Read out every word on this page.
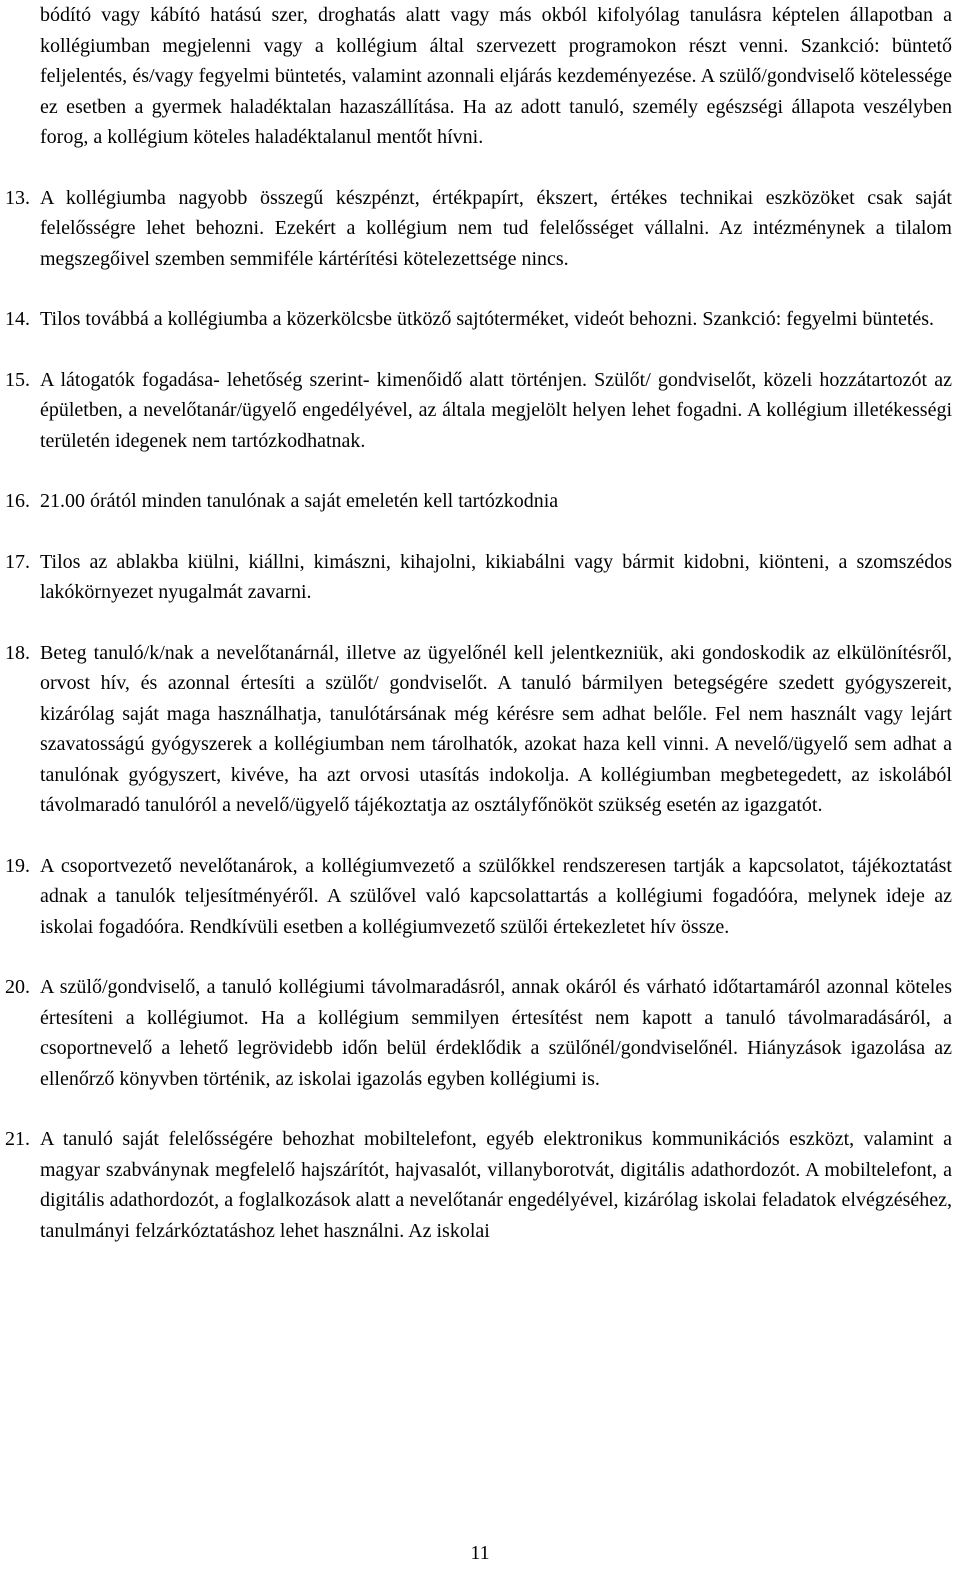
bódító vagy kábító hatású szer, droghatás alatt vagy más okból kifolyólag tanulásra képtelen állapotban a kollégiumban megjelenni vagy a kollégium által szervezett programokon részt venni. Szankció: büntető feljelentés, és/vagy fegyelmi büntetés, valamint azonnali eljárás kezdeményezése. A szülő/gondviselő kötelessége ez esetben a gyermek haladéktalan hazaszállítása. Ha az adott tanuló, személy egészségi állapota veszélyben forog, a kollégium köteles haladéktalanul mentőt hívni.

13. A kollégiumba nagyobb összegű készpénzt, értékpapírt, ékszert, értékes technikai eszközöket csak saját felelősségre lehet behozni. Ezekért a kollégium nem tud felelősséget vállalni. Az intézménynek a tilalom megszegőivel szemben semmiféle kártérítési kötelezettsége nincs.
14. Tilos továbbá a kollégiumba a közerkölcsbe ütköző sajtóterméket, videót behozni. Szankció: fegyelmi büntetés.
15. A látogatók fogadása- lehetőség szerint- kimenőidő alatt történjen. Szülőt/ gondviselőt, közeli hozzátartozót az épületben, a nevelőtanár/ügyelő engedélyével, az általa megjelölt helyen lehet fogadni. A kollégium illetékességi területén idegenek nem tartózkodhatnak.
16. 21.00 órától minden tanulónak a saját emeletén kell tartózkodnia
17. Tilos az ablakba kiülni, kiállni, kimászni, kihajolni, kikiabálni vagy bármit kidobni, kiönteni, a szomszédos lakókörnyezet nyugalmát zavarni.
18. Beteg tanuló/k/nak a nevelőtanárnál, illetve az ügyelőnél kell jelentkezniük, aki gondoskodik az elkülönítésről, orvost hív, és azonnal értesíti a szülőt/ gondviselőt. A tanuló bármilyen betegségére szedett gyógyszereit, kizárólag saját maga használhatja, tanulótársának még kérésre sem adhat belőle. Fel nem használt vagy lejárt szavatosságú gyógyszerek a kollégiumban nem tárolhatók, azokat haza kell vinni. A nevelő/ügyelő sem adhat a tanulónak gyógyszert, kivéve, ha azt orvosi utasítás indokolja. A kollégiumban megbetegedett, az iskolából távolmaradó tanulóról a nevelő/ügyelő tájékoztatja az osztályfőnököt szükség esetén az igazgatót.
19. A csoportvezető nevelőtanárok, a kollégiumvezető a szülőkkel rendszeresen tartják a kapcsolatot, tájékoztatást adnak a tanulók teljesítményéről. A szülővel való kapcsolattartás a kollégiumi fogadóóra, melynek ideje az iskolai fogadóóra. Rendkívüli esetben a kollégiumvezető szülői értekezletet hív össze.
20. A szülő/gondviselő, a tanuló kollégiumi távolmaradásról, annak okáról és várható időtartamáról azonnal köteles értesíteni a kollégiumot. Ha a kollégium semmilyen értesítést nem kapott a tanuló távolmaradásáról, a csoportnevelő a lehető legrövidebb időn belül érdeklődik a szülőnél/gondviselőnél. Hiányzások igazolása az ellenőrző könyvben történik, az iskolai igazolás egyben kollégiumi is.
21. A tanuló saját felelősségére behozhat mobiltelefont, egyéb elektronikus kommunikációs eszközt, valamint a magyar szabványnak megfelelő hajszárítót, hajvasalót, villanyborotvát, digitális adathordozót. A mobiltelefont, a digitális adathordozót, a foglalkozások alatt a nevelőtanár engedélyével, kizárólag iskolai feladatok elvégzéséhez, tanulmányi felzárkóztatáshoz lehet használni. Az iskolai
11
